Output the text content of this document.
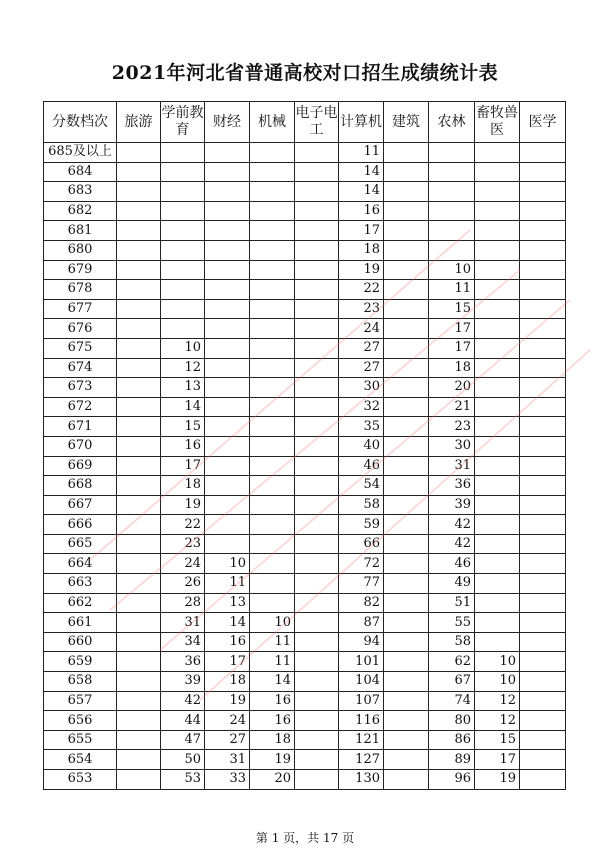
2021年河北省普通高校对口招生成绩统计表
分数档次	旅游	学前教育	财经	机械	电子电工	计算机	建筑	农林	畜牧兽医	医学
685及以上						11				
684						14				
683						14				
682						16				
681						17				
680						18				
679						19		10		
678						22		11		
677						23		15		
676						24		17		
675		10				27		17		
674		12				27		18		
673		13				30		20		
672		14				32		21		
671		15				35		23		
670		16				40		30		
669		17				46		31		
668		18				54		36		
667		19				58		39		
666		22				59		42		
665		23				66		42		
664		24	10			72		46		
663		26	11			77		49		
662		28	13			82		51		
661		31	14	10		87		55		
660		34	16	11		94		58		
659		36	17	11		101		62	10	
658		39	18	14		104		67	10	
657		42	19	16		107		74	12	
656		44	24	16		116		80	12	
655		47	27	18		121		86	15	
654		50	31	19		127		89	17	
653		53	33	20		130		96	19	
第 1 页，共 17 页
